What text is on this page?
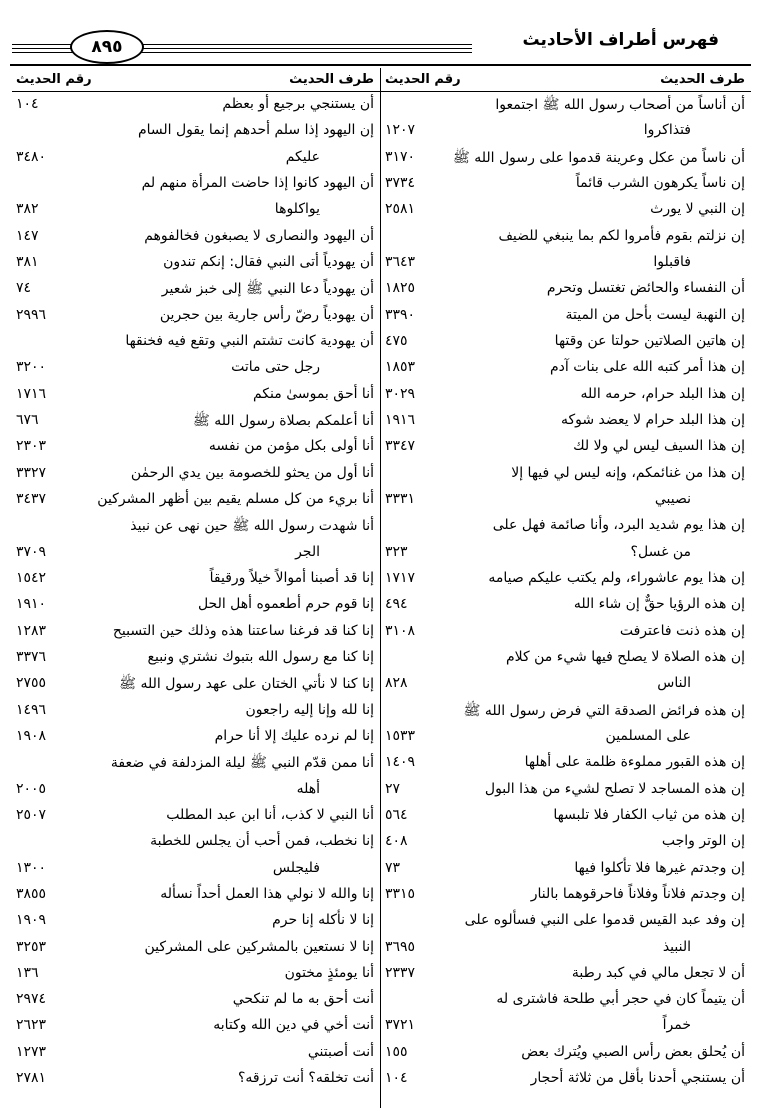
فهرس أطراف الأحاديث
٨٩٥
طرف الحديث
رقم الحديث
أن أناساً من أصحاب رسول الله ﷺ اجتمعوا
فتذاكروا
١٢٠٧
أن ناساً من عكل وعرينة قدموا على رسول الله ﷺ
٣١٧٠
إن ناساً يكرهون الشرب قائماً
٣٧٣٤
إن النبي لا يورث
٢٥٨١
إن نزلتم بقوم فأمروا لكم بما ينبغي للضيف
فاقبلوا
٣٦٤٣
أن النفساء والحائض تغتسل وتحرم
١٨٢٥
إن النهبة ليست بأحل من الميتة
٣٣٩٠
إن هاتين الصلاتين حولتا عن وقتها
٤٧٥
إن هذا أمر كتبه الله على بنات آدم
١٨٥٣
إن هذا البلد حرام، حرمه الله
٣٠٢٩
إن هذا البلد حرام لا يعضد شوكه
١٩١٦
إن هذا السيف ليس لي ولا لك
٣٣٤٧
إن هذا من غنائمكم، وإنه ليس لي فيها إلا
نصيبي
٣٣٣١
إن هذا يوم شديد البرد، وأنا صائمة فهل على
من غسل؟
٣٢٣
إن هذا يوم عاشوراء، ولم يكتب عليكم صيامه
١٧١٧
إن هذه الرؤيا حقٌّ إن شاء الله
٤٩٤
إن هذه ذنت فاعترفت
٣١٠٨
إن هذه الصلاة لا يصلح فيها شيء من كلام
الناس
٨٢٨
إن هذه فرائض الصدقة التي فرض رسول الله ﷺ
على المسلمين
١٥٣٣
إن هذه القبور مملوءة ظلمة على أهلها
١٤٠٩
إن هذه المساجد لا تصلح لشيء من هذا البول
٢٧
إن هذه من ثياب الكفار فلا تلبسها
٥٦٤
إن الوتر واجب
٤٠٨
إن وجدتم غيرها فلا تأكلوا فيها
٧٣
إن وجدتم فلاناً وفلاناً فاحرقوهما بالنار
٣٣١٥
إن وفد عبد القيس قدموا على النبي فسألوه على
النبيذ
٣٦٩٥
أن لا تجعل مالي في كبد رطبة
٢٣٣٧
أن يتيماً كان في حجر أبي طلحة فاشترى له
خمراً
٣٧٢١
أن يُحلق بعض رأس الصبي ويُترك بعض
١٥٥
أن يستنجي أحدنا بأقل من ثلاثة أحجار
١٠٤
طرف الحديث
رقم الحديث
أن يستنجي برجيع أو بعظم
١٠٤
إن اليهود إذا سلم أحدهم إنما يقول السام
عليكم
٣٤٨٠
أن اليهود كانوا إذا حاضت المرأة منهم لم
يواكلوها
٣٨٢
أن اليهود والنصارى لا يصبغون فخالفوهم
١٤٧
أن يهودياً أتى النبي فقال: إنكم تندون
٣٨١
أن يهودياً دعا النبي ﷺ إلى خبز شعير
٧٤
أن يهودياً رضّ رأس جارية بين حجرين
٢٩٩٦
أن يهودية كانت تشتم النبي وتقع فيه فخنقها
رجل حتى ماتت
٣٢٠٠
أنا أحق بموسىٰ منكم
١٧١٦
أنا أعلمكم بصلاة رسول الله ﷺ
٦٧٦
أنا أولى بكل مؤمن من نفسه
٢٣٠٣
أنا أول من يحثو للخصومة بين يدي الرحمٰن
٣٣٢٧
أنا بريء من كل مسلم يقيم بين أظهر المشركين
٣٤٣٧
أنا شهدت رسول الله ﷺ حين نهى عن نبيذ
الجر
٣٧٠٩
إنا قد أصبنا أموالاً خيلاً ورقيقاً
١٥٤٢
إنا قوم حرم أطعموه أهل الحل
١٩١٠
إنا كنا قد فرغنا ساعتنا هذه وذلك حين التسبيح
١٢٨٣
إنا كنا مع رسول الله بتبوك نشتري ونبيع
٣٣٧٦
إنا كنا لا نأتي الختان على عهد رسول الله ﷺ
٢٧٥٥
إنا لله وإنا إليه راجعون
١٤٩٦
إنا لم نرده عليك إلا أنا حرام
١٩٠٨
أنا ممن قدّم النبي ﷺ ليلة المزدلفة في ضعفة
أهله
٢٠٠٥
أنا النبي لا كذب، أنا ابن عبد المطلب
٢٥٠٧
إنا نخطب، فمن أحب أن يجلس للخطبة
فليجلس
١٣٠٠
إنا والله لا نولي هذا العمل أحداً نسأله
٣٨٥٥
إنا لا نأكله إنا حرم
١٩٠٩
إنا لا نستعين بالمشركين على المشركين
٣٢٥٣
أنا يومئذٍ مختون
١٣٦
أنت أحق به ما لم تنكحي
٢٩٧٤
أنت أخي في دين الله وكتابه
٢٦٢٣
أنت أصبتني
١٢٧٣
أنت تخلقه؟ أنت ترزقه؟
٢٧٨١
